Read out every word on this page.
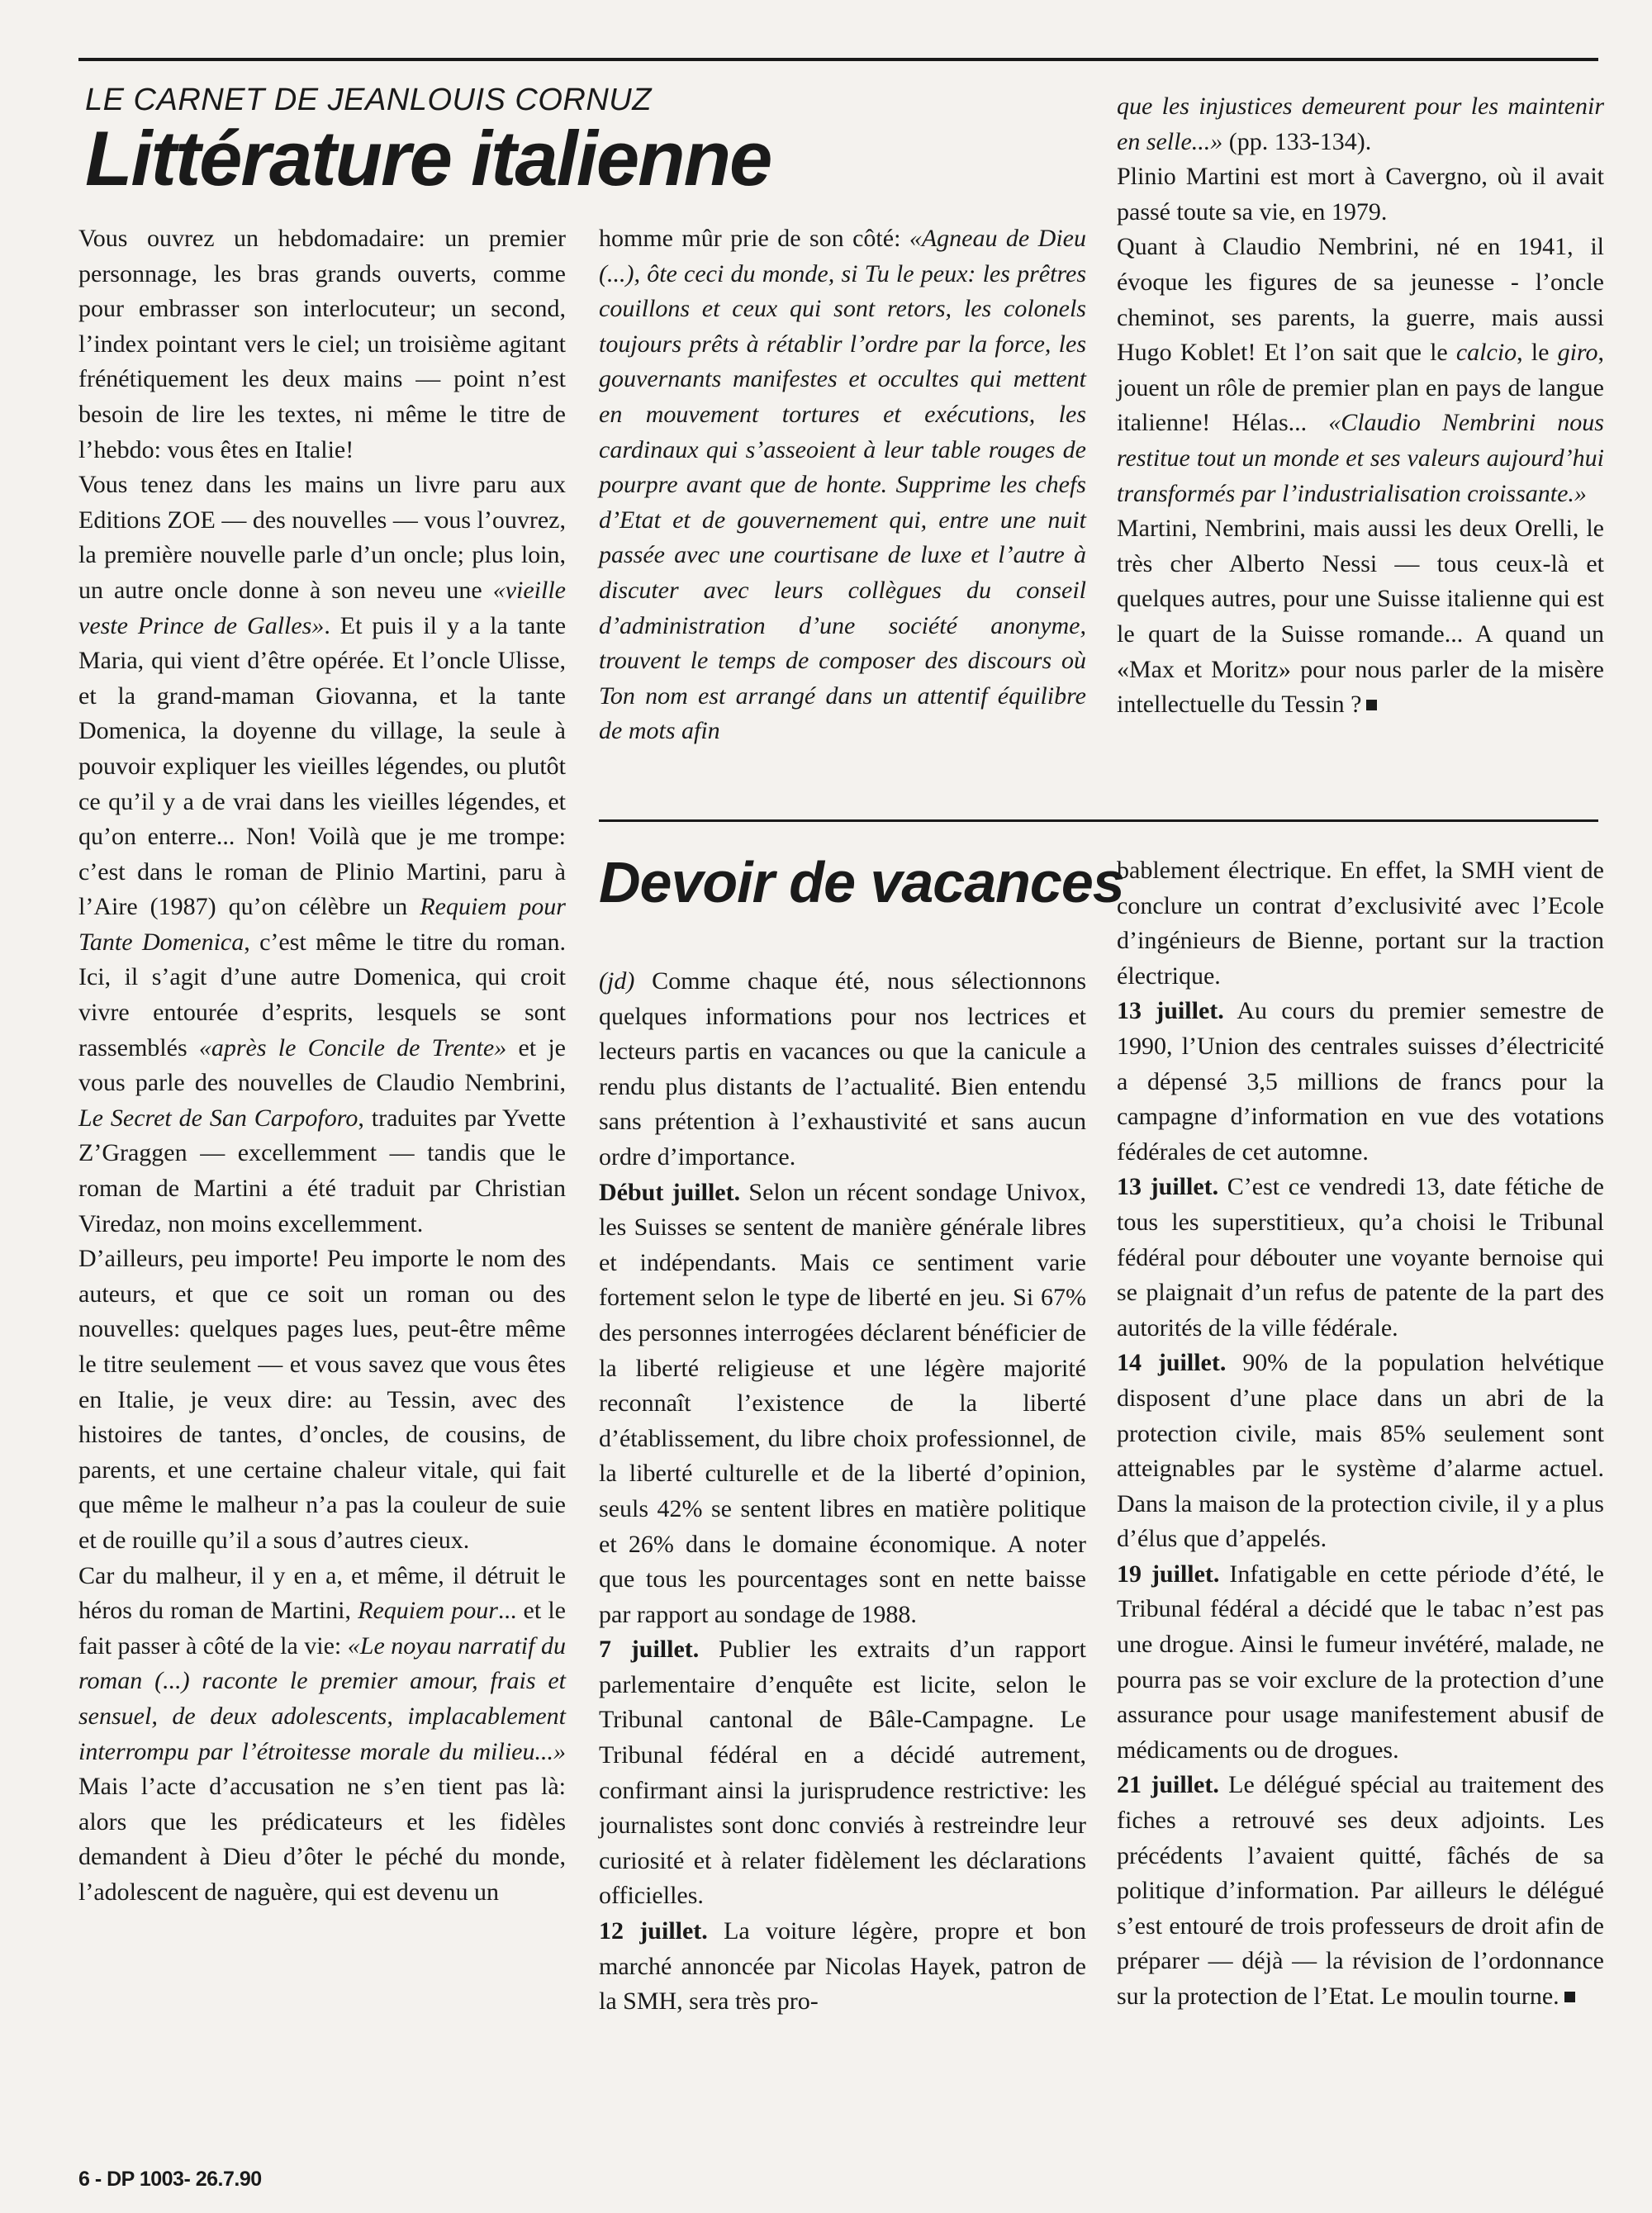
LE CARNET DE JEANLOUIS CORNUZ
Littérature italienne

Vous ouvrez un hebdomadaire: un premier personnage, les bras grands ouverts, comme pour embrasser son interlocuteur; un second, l’index pointant vers le ciel; un troisième agitant frénétiquement les deux mains — point n’est besoin de lire les textes, ni même le titre de l’hebdo: vous êtes en Italie!

Vous tenez dans les mains un livre paru aux Editions ZOE — des nouvelles — vous l’ouvrez, la première nouvelle parle d’un oncle; plus loin, un autre oncle donne à son neveu une «vieille veste Prince de Galles». Et puis il y a la tante Maria, qui vient d’être opérée. Et l’oncle Ulisse, et la grand-maman Giovanna, et la tante Domenica, la doyenne du village, la seule à pouvoir expliquer les vieilles légendes, ou plutôt ce qu’il y a de vrai dans les vieilles légendes, et qu’on enterre... Non! Voilà que je me trompe: c’est dans le roman de Plinio Martini, paru à l’Aire (1987) qu’on célèbre un Requiem pour Tante Domenica, c’est même le titre du roman. Ici, il s’agit d’une autre Domenica, qui croit vivre entourée d’esprits, lesquels se sont rassemblés «après le Concile de Trente» et je vous parle des nouvelles de Claudio Nembrini, Le Secret de San Carpoforo, traduites par Yvette Z’Graggen — excellemment — tandis que le roman de Martini a été traduit par Christian Viredaz, non moins excellemment.

D’ailleurs, peu importe! Peu importe le nom des auteurs, et que ce soit un roman ou des nouvelles: quelques pages lues, peut-être même le titre seulement — et vous savez que vous êtes en Italie, je veux dire: au Tessin, avec des histoires de tantes, d’oncles, de cousins, de parents, et une certaine chaleur vitale, qui fait que même le malheur n’a pas la couleur de suie et de rouille qu’il a sous d’autres cieux.

Car du malheur, il y en a, et même, il détruit le héros du roman de Martini, Requiem pour... et le fait passer à côté de la vie: «Le noyau narratif du roman (...) raconte le premier amour, frais et sensuel, de deux adolescents, implacablement interrompu par l’étroitesse morale du milieu...» Mais l’acte d’accusation ne s’en tient pas là: alors que les prédicateurs et les fidèles demandent à Dieu d’ôter le péché du monde, l’adolescent de naguère, qui est devenu un

homme mûr prie de son côté: «Agneau de Dieu (...), ôte ceci du monde, si Tu le peux: les prêtres couillons et ceux qui sont retors, les colonels toujours prêts à rétablir l’ordre par la force, les gouvernants manifestes et occultes qui mettent en mouvement tortures et exécutions, les cardinaux qui s’asseoient à leur table rouges de pourpre avant que de honte. Supprime les chefs d’Etat et de gouvernement qui, entre une nuit passée avec une courtisane de luxe et l’autre à discuter avec leurs collègues du conseil d’administration d’une société anonyme, trouvent le temps de composer des discours où Ton nom est arrangé dans un attentif équilibre de mots afin

que les injustices demeurent pour les maintenir en selle...» (pp. 133-134).

Plinio Martini est mort à Cavergno, où il avait passé toute sa vie, en 1979.

Quant à Claudio Nembrini, né en 1941, il évoque les figures de sa jeunesse - l’oncle cheminot, ses parents, la guerre, mais aussi Hugo Koblet! Et l’on sait que le calcio, le giro, jouent un rôle de premier plan en pays de langue italienne! Hélas... «Claudio Nembrini nous restitue tout un monde et ses valeurs aujourd’hui transformés par l’industrialisation croissante.»

Martini, Nembrini, mais aussi les deux Orelli, le très cher Alberto Nessi — tous ceux-là et quelques autres, pour une Suisse italienne qui est le quart de la Suisse romande... A quand un «Max et Moritz» pour nous parler de la misère intellectuelle du Tessin ?

Devoir de vacances

(jd) Comme chaque été, nous sélectionnons quelques informations pour nos lectrices et lecteurs partis en vacances ou que la canicule a rendu plus distants de l’actualité. Bien entendu sans prétention à l’exhaustivité et sans aucun ordre d’importance.

Début juillet. Selon un récent sondage Univox, les Suisses se sentent de manière générale libres et indépendants. Mais ce sentiment varie fortement selon le type de liberté en jeu. Si 67% des personnes interrogées déclarent bénéficier de la liberté religieuse et une légère majorité reconnaît l’existence de la liberté d’établissement, du libre choix professionnel, de la liberté culturelle et de la liberté d’opinion, seuls 42% se sentent libres en matière politique et 26% dans le domaine économique. A noter que tous les pourcentages sont en nette baisse par rapport au sondage de 1988.

7 juillet. Publier les extraits d’un rapport parlementaire d’enquête est licite, selon le Tribunal cantonal de Bâle-Campagne. Le Tribunal fédéral en a décidé autrement, confirmant ainsi la jurisprudence restrictive: les journalistes sont donc conviés à restreindre leur curiosité et à relater fidèlement les déclarations officielles.

12 juillet. La voiture légère, propre et bon marché annoncée par Nicolas Hayek, patron de la SMH, sera très pro-

bablement électrique. En effet, la SMH vient de conclure un contrat d’exclusivité avec l’Ecole d’ingénieurs de Bienne, portant sur la traction électrique.

13 juillet. Au cours du premier semestre de 1990, l’Union des centrales suisses d’électricité a dépensé 3,5 millions de francs pour la campagne d’information en vue des votations fédérales de cet automne.

13 juillet. C’est ce vendredi 13, date fétiche de tous les superstitieux, qu’a choisi le Tribunal fédéral pour débouter une voyante bernoise qui se plaignait d’un refus de patente de la part des autorités de la ville fédérale.

14 juillet. 90% de la population helvétique disposent d’une place dans un abri de la protection civile, mais 85% seulement sont atteignables par le système d’alarme actuel. Dans la maison de la protection civile, il y a plus d’élus que d’appelés.

19 juillet. Infatigable en cette période d’été, le Tribunal fédéral a décidé que le tabac n’est pas une drogue. Ainsi le fumeur invétéré, malade, ne pourra pas se voir exclure de la protection d’une assurance pour usage manifestement abusif de médicaments ou de drogues.

21 juillet. Le délégué spécial au traitement des fiches a retrouvé ses deux adjoints. Les précédents l’avaient quitté, fâchés de sa politique d’information. Par ailleurs le délégué s’est entouré de trois professeurs de droit afin de préparer — déjà — la révision de l’ordonnance sur la protection de l’Etat. Le moulin tourne.

6 - DP 1003- 26.7.90
